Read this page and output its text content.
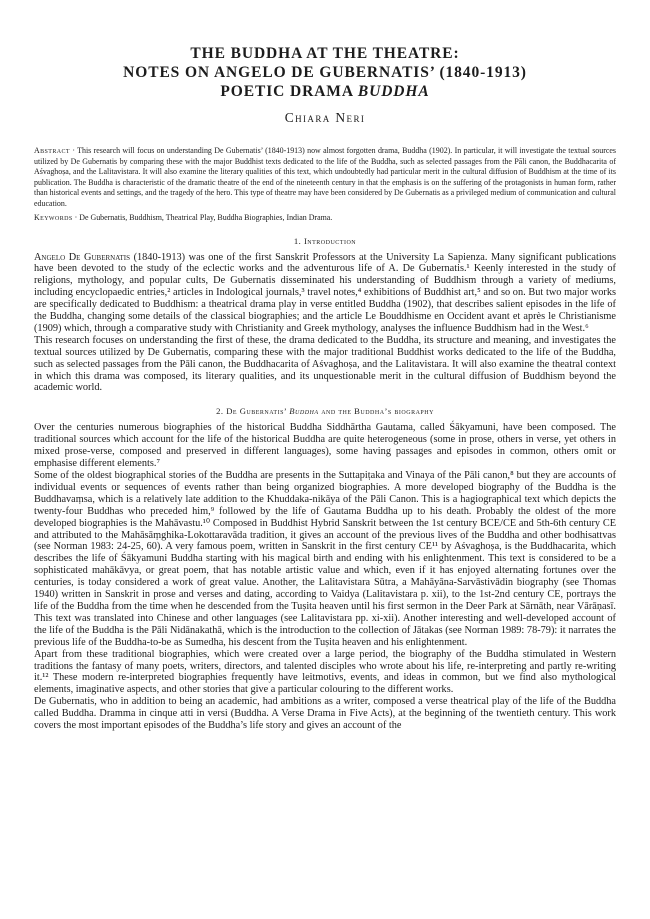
THE BUDDHA AT THE THEATRE:
NOTES ON ANGELO DE GUBERNATIS’ (1840-1913)
POETIC DRAMA BUDDHA
Chiara Neri

Abstract · This research will focus on understanding De Gubernatis’ (1840-1913) now almost forgotten drama, Buddha (1902). In particular, it will investigate the textual sources utilized by De Gubernatis by comparing these with the major Buddhist texts dedicated to the life of the Buddha, such as selected passages from the Pāli canon, the Buddhacarita of Aśvaghoṣa, and the Lalitavistara. It will also examine the literary qualities of this text, which undoubtedly had particular merit in the cultural diffusion of Buddhism at the time of its publication. The Buddha is characteristic of the dramatic theatre of the end of the nineteenth century in that the emphasis is on the suffering of the protagonists in human form, rather than historical events and settings, and the tragedy of the hero. This type of theatre may have been considered by De Gubernatis as a privileged medium of communication and cultural education.

Keywords · De Gubernatis, Buddhism, Theatrical Play, Buddha Biographies, Indian Drama.

1. Introduction

Angelo De Gubernatis (1840-1913) was one of the first Sanskrit Professors at the University La Sapienza. Many significant publications have been devoted to the study of the eclectic works and the adventurous life of A. De Gubernatis.¹ Keenly interested in the study of religions, mythology, and popular cults, De Gubernatis disseminated his understanding of Buddhism through a variety of mediums, including encyclopaedic entries,² articles in Indological journals,³ travel notes,⁴ exhibitions of Buddhist art,⁵ and so on. But two major works are specifically dedicated to Buddhism: a theatrical drama play in verse entitled Buddha (1902), that describes salient episodes in the life of the Buddha, changing some details of the classical biographies; and the article Le Bouddhisme en Occident avant et après le Christianisme (1909) which, through a comparative study with Christianity and Greek mythology, analyses the influence Buddhism had in the West.⁶

This research focuses on understanding the first of these, the drama dedicated to the Buddha, its structure and meaning, and investigates the textual sources utilized by De Gubernatis, comparing these with the major traditional Buddhist works dedicated to the life of the Buddha, such as selected passages from the Pāli canon, the Buddhacarita of Aśvaghoṣa, and the Lalitavistara. It will also examine the theatral context in which this drama was composed, its literary qualities, and its unquestionable merit in the cultural diffusion of Buddhism beyond the academic world.

2. De Gubernatis’ Buddha and the Buddha’s biography

Over the centuries numerous biographies of the historical Buddha Siddhārtha Gautama, called Śākyamuni, have been composed. The traditional sources which account for the life of the historical Buddha are quite heterogeneous (some in prose, others in verse, yet others in mixed prose-verse, composed and preserved in different languages), some having passages and episodes in common, others omit or emphasise different elements.⁷

Some of the oldest biographical stories of the Buddha are presents in the Suttapiṭaka and Vinaya of the Pāli canon,⁸ but they are accounts of individual events or sequences of events rather than being organized biographies. A more developed biography of the Buddha is the Buddhavaṃsa, which is a relatively late addition to the Khuddaka-nikāya of the Pāli Canon. This is a hagiographical text which depicts the twenty-four Buddhas who preceded him,⁹ followed by the life of Gautama Buddha up to his death. Probably the oldest of the more developed biographies is the Mahāvastu.¹⁰ Composed in Buddhist Hybrid Sanskrit between the 1st century BCE/CE and 5th-6th century CE and attributed to the Mahāsāṃghika-Lokottaravāda tradition, it gives an account of the previous lives of the Buddha and other bodhisattvas (see Norman 1983: 24-25, 60). A very famous poem, written in Sanskrit in the first century CE¹¹ by Aśvaghoṣa, is the Buddhacarita, which describes the life of Śākyamuni Buddha starting with his magical birth and ending with his enlightenment. This text is considered to be a sophisticated mahākāvya, or great poem, that has notable artistic value and which, even if it has enjoyed alternating fortunes over the centuries, is today considered a work of great value. Another, the Lalitavistara Sūtra, a Mahāyāna-Sarvāstivādin biography (see Thomas 1940) written in Sanskrit in prose and verses and dating, according to Vaidya (Lalitavistara p. xii), to the 1st-2nd century CE, portrays the life of the Buddha from the time when he descended from the Tuṣita heaven until his first sermon in the Deer Park at Sārnāth, near Vārāṇasī. This text was translated into Chinese and other languages (see Lalitavistara pp. xi-xii). Another interesting and well-developed account of the life of the Buddha is the Pāli Nidānakathā, which is the introduction to the collection of Jātakas (see Norman 1989: 78-79): it narrates the previous life of the Buddha-to-be as Sumedha, his descent from the Tuṣita heaven and his enlightenment.

Apart from these traditional biographies, which were created over a large period, the biography of the Buddha stimulated in Western traditions the fantasy of many poets, writers, directors, and talented disciples who wrote about his life, re-interpreting and partly re-writing it.¹² These modern re-interpreted biographies frequently have leitmotivs, events, and ideas in common, but we find also mythological elements, imaginative aspects, and other stories that give a particular colouring to the different works.

De Gubernatis, who in addition to being an academic, had ambitions as a writer, composed a verse theatrical play of the life of the Buddha called Buddha. Dramma in cinque atti in versi (Buddha. A Verse Drama in Five Acts), at the beginning of the twentieth century. This work covers the most important episodes of the Buddha’s life story and gives an account of the
